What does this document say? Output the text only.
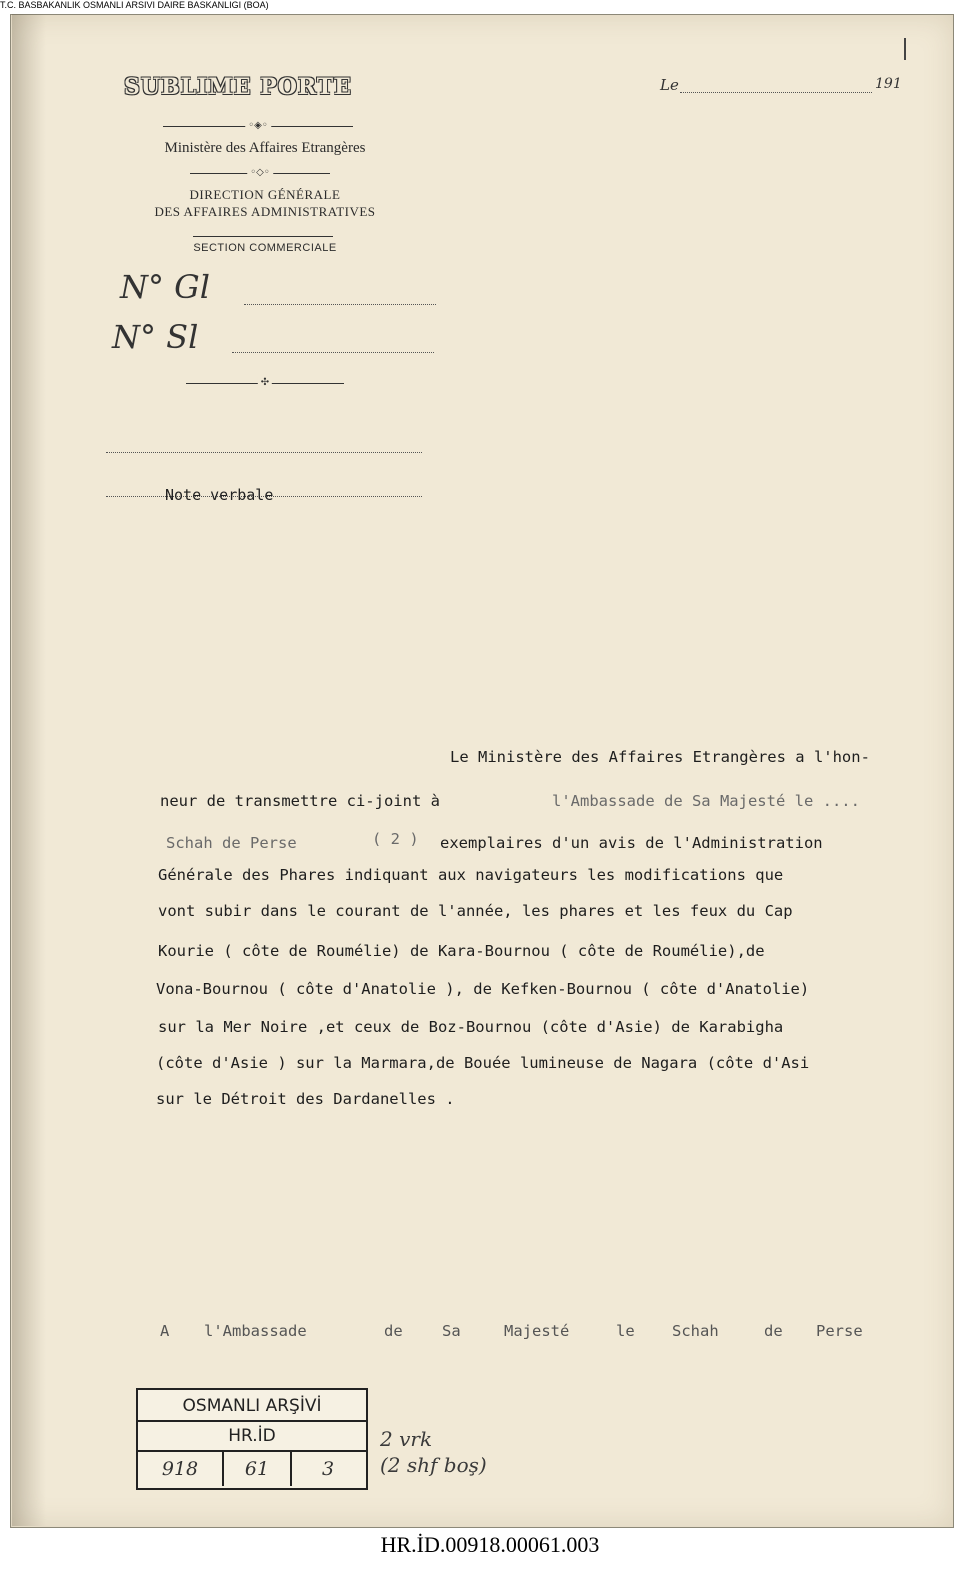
T.C. BASBAKANLIK OSMANLI ARSIVI DAIRE BASKANLIGI (BOA)
SUBLIME PORTE	Le	191
◦◈◦
Ministère des Affaires Etrangères
◦◇◦
DIRECTION GÉNÉRALE
DES AFFAIRES ADMINISTRATIVES
SECTION COMMERCIALE
N° Gl
N° Sl
✣
Note verbale
Le Ministère des Affaires Etrangères a l'hon-
neur de transmettre ci-joint à	l'Ambassade de Sa Majesté le ....
Schah de Perse	( 2 ) exemplaires d'un avis de l'Administration
Générale des Phares indiquant aux navigateurs les modifications que
vont subir dans le courant de l'année, les phares et les feux du Cap
Kourie ( côte de Roumélie) de Kara-Bournou ( côte de Roumélie),de
Vona-Bournou ( côte d'Anatolie ), de Kefken-Bournou ( côte d'Anatolie)
sur la Mer Noire ,et ceux de Boz-Bournou (côte d'Asie) de Karabigha
(côte d'Asie ) sur la Marmara,de Bouée lumineuse de Nagara (côte d'Asi
sur le Détroit des Dardanelles .
A l'Ambassade	de	Sa	Majesté	le Schah	de Perse
OSMANLI ARŞİVİ
HR.İD
918	61	3
2 vrk
(2 shf boş)
HR.İD.00918.00061.003
